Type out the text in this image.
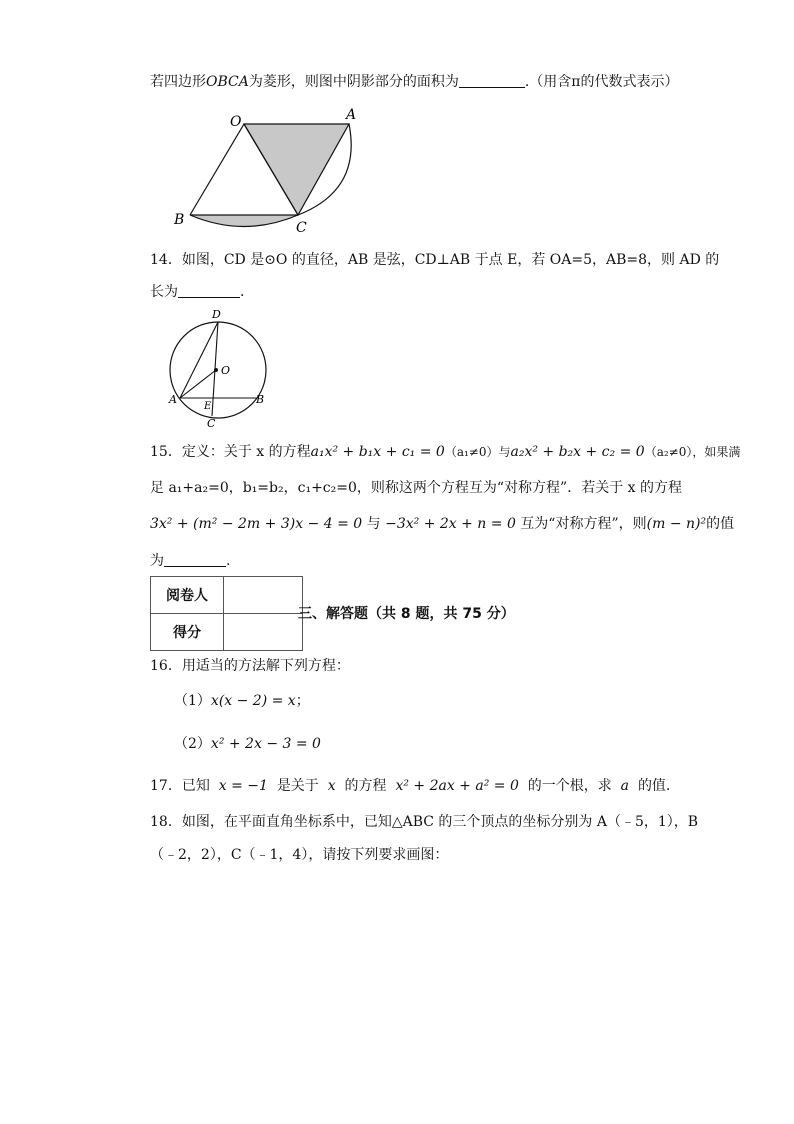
若四边形OBCA为菱形，则图中阴影部分的面积为	.（用含π的代数式表示）
O	A
B	C
14．如图，CD 是⊙O 的直径，AB 是弦，CD⊥AB 于点 E，若 OA=5，AB=8，则 AD 的
长为	.
D
O
A
E
B
C
15．定义：关于 x 的方程a₁x² + b₁x + c₁ = 0（a₁≠0）与a₂x² + b₂x + c₂ = 0（a₂≠0），如果满
足 a₁+a₂=0，b₁=b₂，c₁+c₂=0，则称这两个方程互为“对称方程”．若关于 x 的方程
3x² + (m² − 2m + 3)x − 4 = 0 与 −3x² + 2x + n = 0 互为“对称方程”，则(m − n)²的值
为	.
阅卷人	
得分	
三、解答题（共 8 题，共 75 分）
16．用适当的方法解下列方程：
（1）x(x − 2) = x；
（2）x² + 2x − 3 = 0
17．已知 x = −1 是关于 x 的方程 x² + 2ax + a² = 0 的一个根，求 a 的值.
18．如图，在平面直角坐标系中，已知△ABC 的三个顶点的坐标分别为 A（﹣5，1），B
（﹣2，2），C（﹣1，4），请按下列要求画图：
